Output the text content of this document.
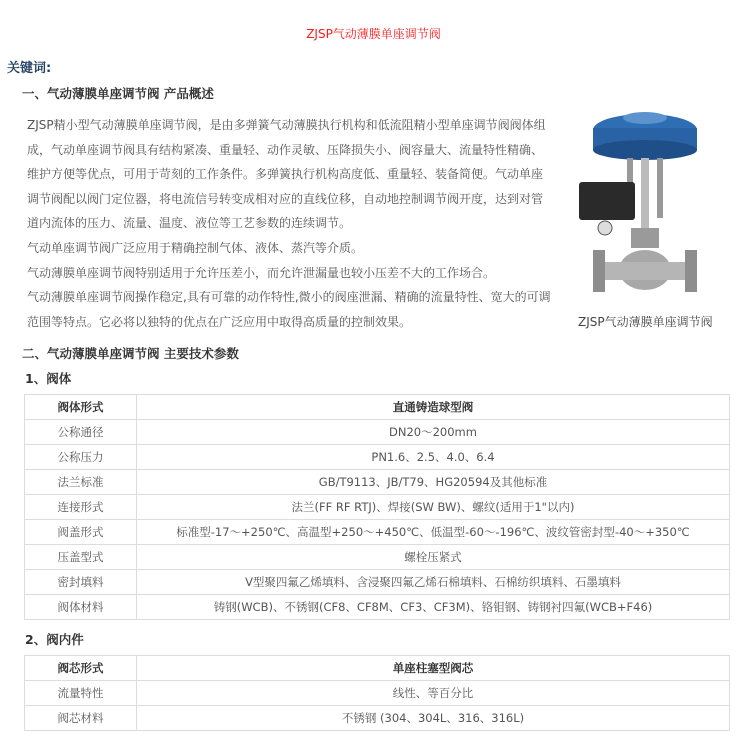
ZJSP气动薄膜单座调节阀
关键词:
一、气动薄膜单座调节阀 产品概述
ZJSP精小型气动薄膜单座调节阀，是由多弹簧气动薄膜执行机构和低流阻精小型单座调节阀阀体组
成，气动单座调节阀具有结构紧凑、重量轻、动作灵敏、压降损失小、阀容量大、流量特性精确、
维护方便等优点，可用于苛刻的工作条件。多弹簧执行机构高度低、重量轻、装备简便。气动单座
调节阀配以阀门定位器，将电流信号转变成相对应的直线位移，自动地控制调节阀开度，达到对管
道内流体的压力、流量、温度、液位等工艺参数的连续调节。
气动单座调节阀广泛应用于精确控制气体、液体、蒸汽等介质。
气动薄膜单座调节阀特别适用于允许压差小，而允许泄漏量也较小压差不大的工作场合。
气动薄膜单座调节阀操作稳定,具有可靠的动作特性,微小的阀座泄漏、精确的流量特性、宽大的可调
范围等特点。它必将以独特的优点在广泛应用中取得高质量的控制效果。	ZJSP气动薄膜单座调节阀
二、气动薄膜单座调节阀 主要技术参数
1、阀体
阀体形式	直通铸造球型阀
公称通径	DN20～200mm
公称压力	PN1.6、2.5、4.0、6.4
法兰标准	GB/T9113、JB/T79、HG20594及其他标准
连接形式	法兰(FF RF RTJ)、焊接(SW BW)、螺纹(适用于1"以内)
阀盖形式	标准型-17～+250℃、高温型+250～+450℃、低温型-60～-196℃、波纹管密封型-40～+350℃
压盖型式	螺栓压紧式
密封填料	V型聚四氟乙烯填料、含浸聚四氟乙烯石棉填料、石棉纺织填料、石墨填料
阀体材料	铸钢(WCB)、不锈钢(CF8、CF8M、CF3、CF3M)、铬钼钢、铸钢衬四氟(WCB+F46)
2、阀内件
阀芯形式	单座柱塞型阀芯
流量特性	线性、等百分比
阀芯材料	不锈钢 (304、304L、316、316L)
